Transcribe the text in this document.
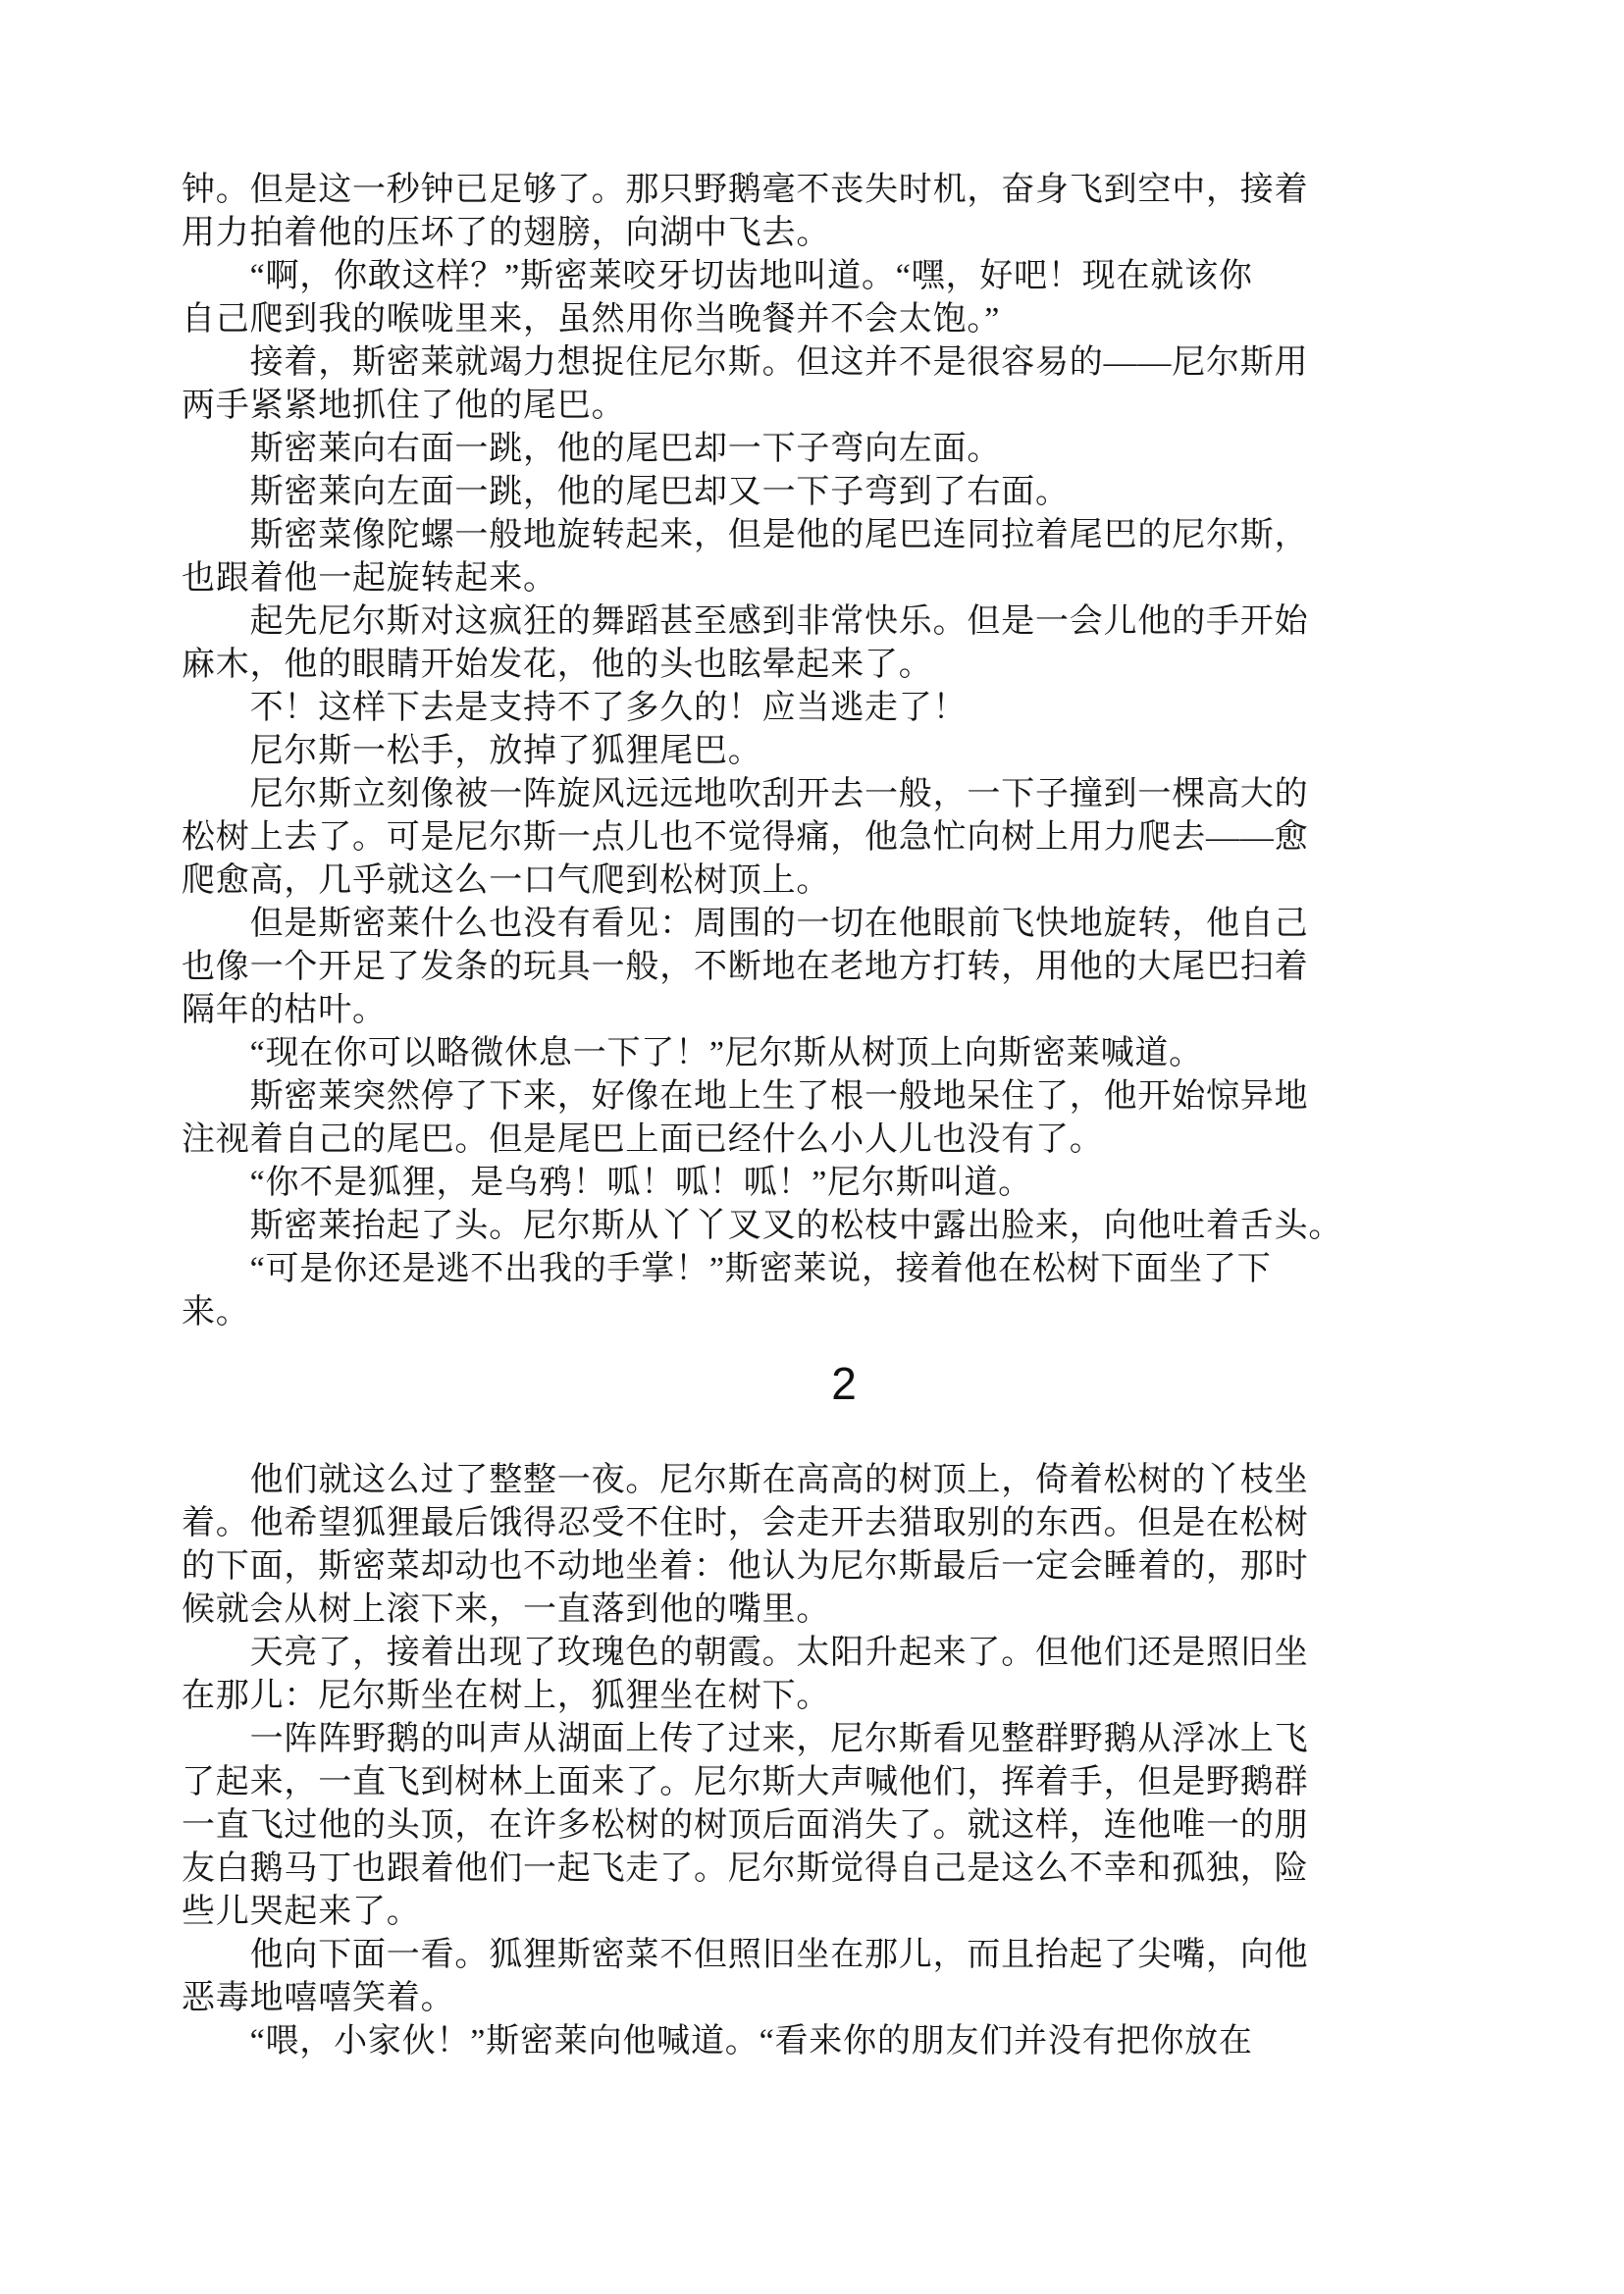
钟。但是这一秒钟已足够了。那只野鹅毫不丧失时机，奋身飞到空中，接着
用力拍着他的压坏了的翅膀，向湖中飞去。
　　“啊，你敢这样？”斯密莱咬牙切齿地叫道。“嘿，好吧！现在就该你
自己爬到我的喉咙里来，虽然用你当晚餐并不会太饱。”
　　接着，斯密莱就竭力想捉住尼尔斯。但这并不是很容易的——尼尔斯用
两手紧紧地抓住了他的尾巴。
　　斯密莱向右面一跳，他的尾巴却一下子弯向左面。
　　斯密莱向左面一跳，他的尾巴却又一下子弯到了右面。
　　斯密菜像陀螺一般地旋转起来，但是他的尾巴连同拉着尾巴的尼尔斯，
也跟着他一起旋转起来。
　　起先尼尔斯对这疯狂的舞蹈甚至感到非常快乐。但是一会儿他的手开始
麻木，他的眼睛开始发花，他的头也眩晕起来了。
　　不！这样下去是支持不了多久的！应当逃走了！
　　尼尔斯一松手，放掉了狐狸尾巴。
　　尼尔斯立刻像被一阵旋风远远地吹刮开去一般，一下子撞到一棵高大的
松树上去了。可是尼尔斯一点儿也不觉得痛，他急忙向树上用力爬去——愈
爬愈高，几乎就这么一口气爬到松树顶上。
　　但是斯密莱什么也没有看见：周围的一切在他眼前飞快地旋转，他自己
也像一个开足了发条的玩具一般，不断地在老地方打转，用他的大尾巴扫着
隔年的枯叶。
　　“现在你可以略微休息一下了！”尼尔斯从树顶上向斯密莱喊道。
　　斯密莱突然停了下来，好像在地上生了根一般地呆住了，他开始惊异地
注视着自己的尾巴。但是尾巴上面已经什么小人儿也没有了。
　　“你不是狐狸，是乌鸦！呱！呱！呱！”尼尔斯叫道。
　　斯密莱抬起了头。尼尔斯从丫丫叉叉的松枝中露出脸来，向他吐着舌头。
　　“可是你还是逃不出我的手掌！”斯密莱说，接着他在松树下面坐了下
来。
2
　　他们就这么过了整整一夜。尼尔斯在高高的树顶上，倚着松树的丫枝坐
着。他希望狐狸最后饿得忍受不住时，会走开去猎取别的东西。但是在松树
的下面，斯密菜却动也不动地坐着：他认为尼尔斯最后一定会睡着的，那时
候就会从树上滚下来，一直落到他的嘴里。
　　天亮了，接着出现了玫瑰色的朝霞。太阳升起来了。但他们还是照旧坐
在那儿：尼尔斯坐在树上，狐狸坐在树下。
　　一阵阵野鹅的叫声从湖面上传了过来，尼尔斯看见整群野鹅从浮冰上飞
了起来，一直飞到树林上面来了。尼尔斯大声喊他们，挥着手，但是野鹅群
一直飞过他的头顶，在许多松树的树顶后面消失了。就这样，连他唯一的朋
友白鹅马丁也跟着他们一起飞走了。尼尔斯觉得自己是这么不幸和孤独，险
些儿哭起来了。
　　他向下面一看。狐狸斯密菜不但照旧坐在那儿，而且抬起了尖嘴，向他
恶毒地嘻嘻笑着。
　　“喂，小家伙！”斯密莱向他喊道。“看来你的朋友们并没有把你放在
